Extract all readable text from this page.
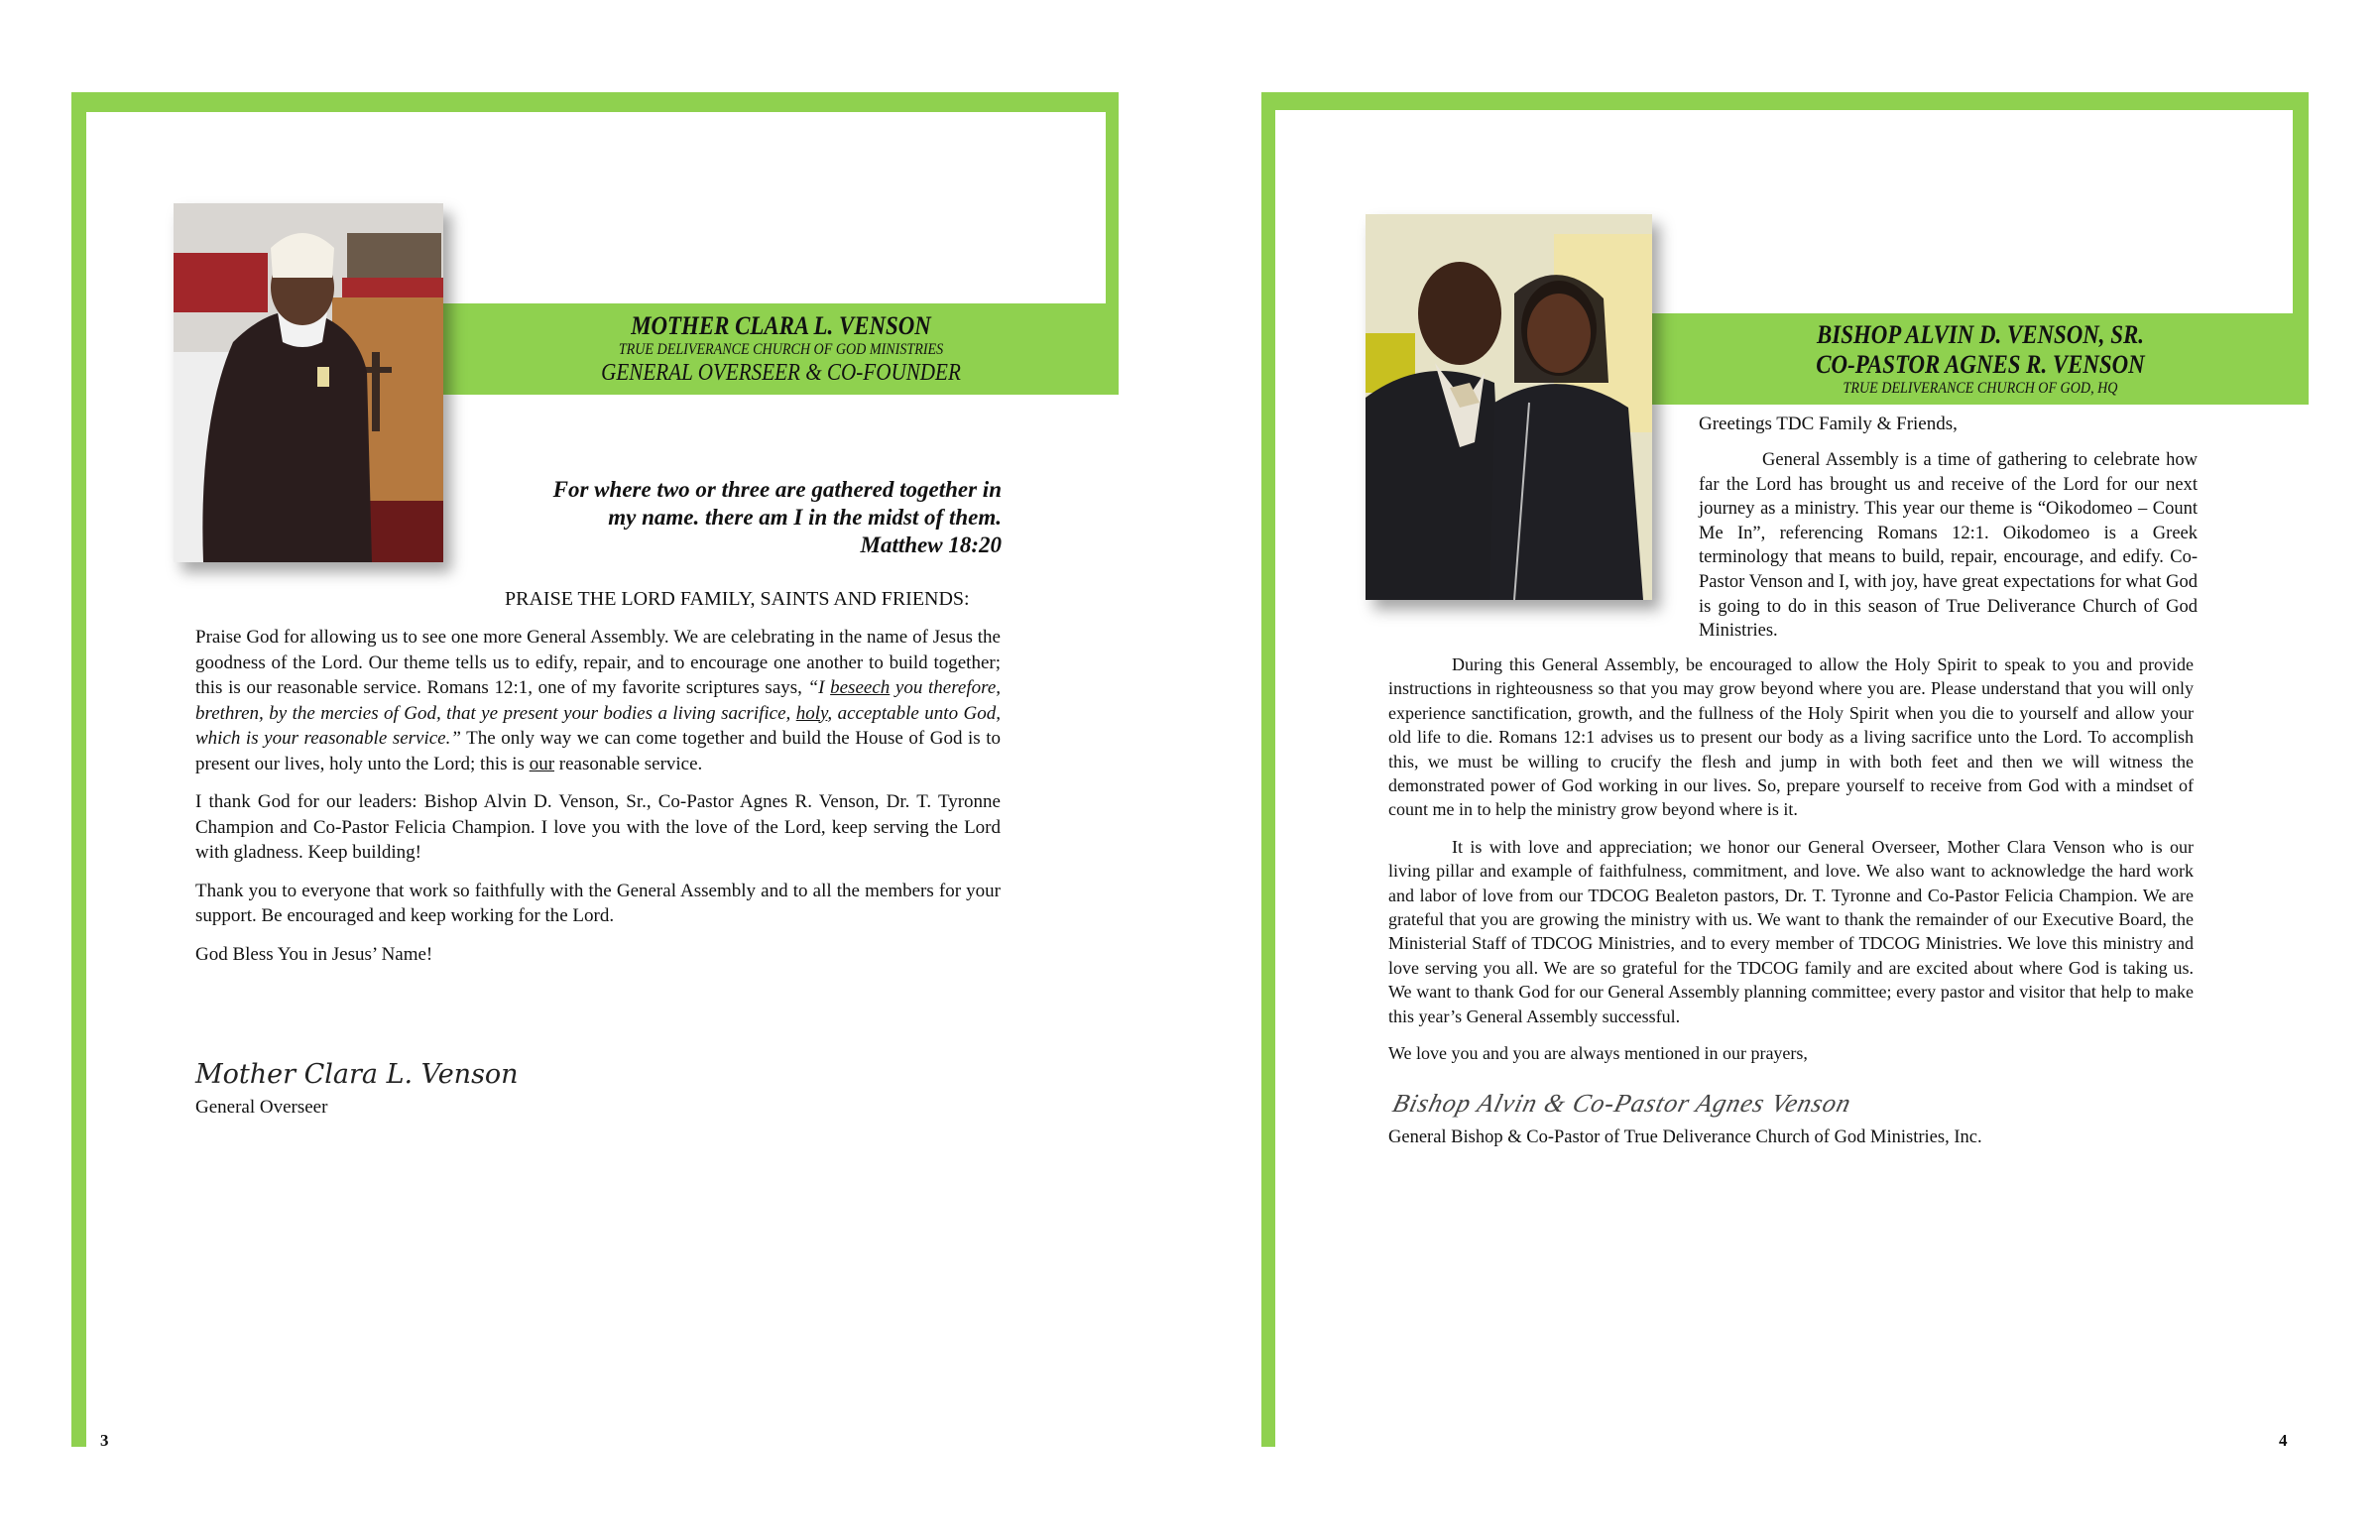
MOTHER CLARA L. VENSON
TRUE DELIVERANCE CHURCH OF GOD MINISTRIES
GENERAL OVERSEER & CO-FOUNDER
For where two or three are gathered together in
my name. there am I in the midst of them.
Matthew 18:20
PRAISE THE LORD FAMILY, SAINTS AND FRIENDS:

Praise God for allowing us to see one more General Assembly. We are celebrating in the name of Jesus the goodness of the Lord. Our theme tells us to edify, repair, and to encourage one another to build together; this is our reasonable service. Romans 12:1, one of my favorite scriptures says, “I beseech you therefore, brethren, by the mercies of God, that ye present your bodies a living sacrifice, holy, acceptable unto God, which is your reasonable service.” The only way we can come together and build the House of God is to present our lives, holy unto the Lord; this is our reasonable service.

I thank God for our leaders: Bishop Alvin D. Venson, Sr., Co-Pastor Agnes R. Venson, Dr. T. Tyronne Champion and Co-Pastor Felicia Champion. I love you with the love of the Lord, keep serving the Lord with gladness. Keep building!

Thank you to everyone that work so faithfully with the General Assembly and to all the members for your support. Be encouraged and keep working for the Lord.

God Bless You in Jesus’ Name!

Mother Clara L. Venson
General Overseer
3
BISHOP ALVIN D. VENSON, SR.
CO-PASTOR AGNES R. VENSON
TRUE DELIVERANCE CHURCH OF GOD, HQ
Greetings TDC Family & Friends,

General Assembly is a time of gathering to celebrate how far the Lord has brought us and receive of the Lord for our next journey as a ministry. This year our theme is “Oikodomeo – Count Me In”, referencing Romans 12:1. Oikodomeo is a Greek terminology that means to build, repair, encourage, and edify. Co-Pastor Venson and I, with joy, have great expectations for what God is going to do in this season of True Deliverance Church of God Ministries.

During this General Assembly, be encouraged to allow the Holy Spirit to speak to you and provide instructions in righteousness so that you may grow beyond where you are. Please understand that you will only experience sanctification, growth, and the fullness of the Holy Spirit when you die to yourself and allow your old life to die. Romans 12:1 advises us to present our body as a living sacrifice unto the Lord. To accomplish this, we must be willing to crucify the flesh and jump in with both feet and then we will witness the demonstrated power of God working in our lives. So, prepare yourself to receive from God with a mindset of count me in to help the ministry grow beyond where is it.

It is with love and appreciation; we honor our General Overseer, Mother Clara Venson who is our living pillar and example of faithfulness, commitment, and love. We also want to acknowledge the hard work and labor of love from our TDCOG Bealeton pastors, Dr. T. Tyronne and Co-Pastor Felicia Champion. We are grateful that you are growing the ministry with us. We want to thank the remainder of our Executive Board, the Ministerial Staff of TDCOG Ministries, and to every member of TDCOG Ministries. We love this ministry and love serving you all. We are so grateful for the TDCOG family and are excited about where God is taking us. We want to thank God for our General Assembly planning committee; every pastor and visitor that help to make this year’s General Assembly successful.

We love you and you are always mentioned in our prayers,

Bishop Alvin & Co-Pastor Agnes Venson
General Bishop & Co-Pastor of True Deliverance Church of God Ministries, Inc.
4
